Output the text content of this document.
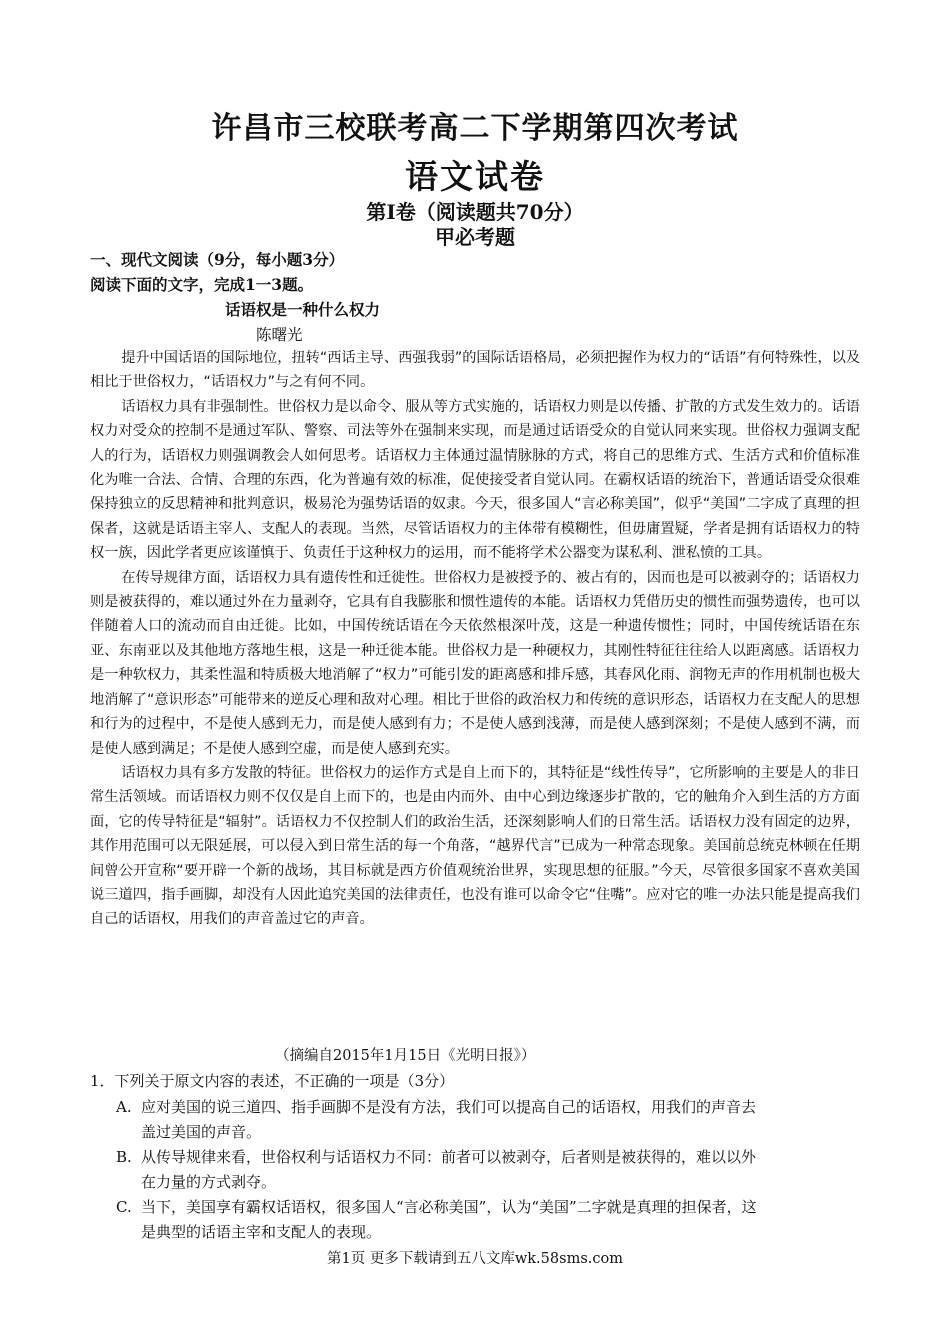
许昌市三校联考高二下学期第四次考试
语文试卷
第Ⅰ卷（阅读题共70分）
甲必考题
一、现代文阅读（9分，每小题3分）
阅读下面的文字，完成1一3题。
话语权是一种什么权力
陈曙光

提升中国话语的国际地位，扭转“西话主导、西强我弱”的国际话语格局，必须把握作为权力的“话语”有何特殊性，以及相比于世俗权力，“话语权力”与之有何不同。

话语权力具有非强制性。世俗权力是以命令、服从等方式实施的，话语权力则是以传播、扩散的方式发生效力的。话语权力对受众的控制不是通过军队、警察、司法等外在强制来实现，而是通过话语受众的自觉认同来实现。世俗权力强调支配人的行为，话语权力则强调教会人如何思考。话语权力主体通过温情脉脉的方式，将自己的思维方式、生活方式和价值标准化为唯一合法、合情、合理的东西，化为普遍有效的标准，促使接受者自觉认同。在霸权话语的统治下，普通话语受众很难保持独立的反思精神和批判意识，极易沦为强势话语的奴隶。今天，很多国人“言必称美国”，似乎“美国”二字成了真理的担保者，这就是话语主宰人、支配人的表现。当然，尽管话语权力的主体带有模糊性，但毋庸置疑，学者是拥有话语权力的特权一族，因此学者更应该谨慎于、负责任于这种权力的运用，而不能将学术公器变为谋私利、泄私愤的工具。

在传导规律方面，话语权力具有遗传性和迁徙性。世俗权力是被授予的、被占有的，因而也是可以被剥夺的；话语权力则是被获得的，难以通过外在力量剥夺，它具有自我膨胀和惯性遗传的本能。话语权力凭借历史的惯性而强势遗传，也可以伴随着人口的流动而自由迁徙。比如，中国传统话语在今天依然根深叶茂，这是一种遗传惯性；同时，中国传统话语在东亚、东南亚以及其他地方落地生根，这是一种迁徙本能。世俗权力是一种硬权力，其刚性特征往往给人以距离感。话语权力是一种软权力，其柔性温和特质极大地消解了“权力”可能引发的距离感和排斥感，其春风化雨、润物无声的作用机制也极大地消解了“意识形态”可能带来的逆反心理和敌对心理。相比于世俗的政治权力和传统的意识形态，话语权力在支配人的思想和行为的过程中，不是使人感到无力，而是使人感到有力；不是使人感到浅薄，而是使人感到深刻；不是使人感到不满，而是使人感到满足；不是使人感到空虚，而是使人感到充实。

话语权力具有多方发散的特征。世俗权力的运作方式是自上而下的，其特征是“线性传导”，它所影响的主要是人的非日常生活领域。而话语权力则不仅仅是自上而下的，也是由内而外、由中心到边缘逐步扩散的，它的触角介入到生活的方方面面，它的传导特征是“辐射”。话语权力不仅控制人们的政治生活，还深刻影响人们的日常生活。话语权力没有固定的边界，其作用范围可以无限延展，可以侵入到日常生活的每一个角落，“越界代言”已成为一种常态现象。美国前总统克林顿在任期间曾公开宣称“要开辟一个新的战场，其目标就是西方价值观统治世界，实现思想的征服。”今天，尽管很多国家不喜欢美国说三道四，指手画脚，却没有人因此追究美国的法律责任，也没有谁可以命令它“住嘴”。应对它的唯一办法只能是提高我们自己的话语权，用我们的声音盖过它的声音。

（摘编自2015年1月15日《光明日报》）
1．下列关于原文内容的表述，不正确的一项是（3分）
A. 应对美国的说三道四、指手画脚不是没有方法，我们可以提高自己的话语权，用我们的声音去盖过美国的声音。
B. 从传导规律来看，世俗权利与话语权力不同：前者可以被剥夺，后者则是被获得的，难以以外在力量的方式剥夺。
C. 当下，美国享有霸权话语权，很多国人“言必称美国”，认为“美国”二字就是真理的担保者，这是典型的话语主宰和支配人的表现。
第1页 更多下载请到五八文库wk.58sms.com
